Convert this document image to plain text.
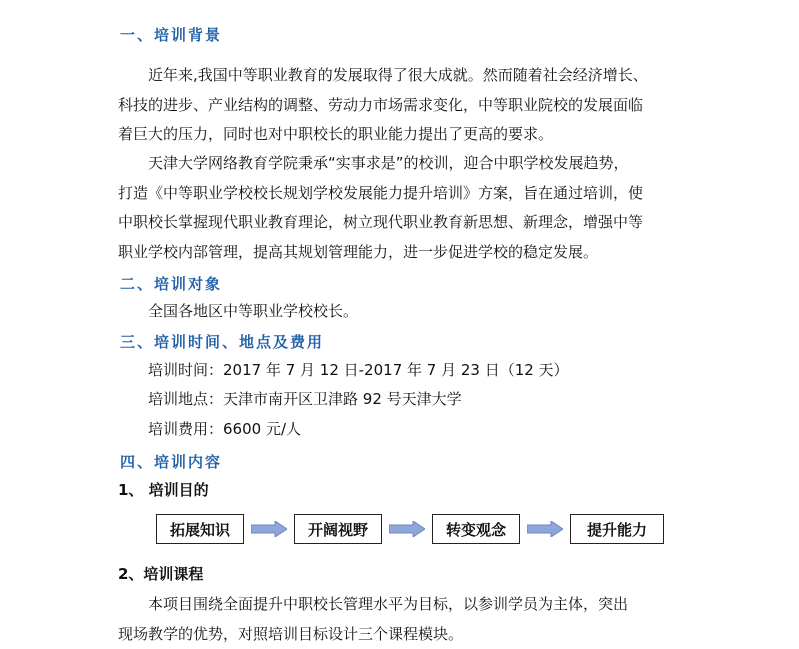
一、培训背景
近年来,我国中等职业教育的发展取得了很大成就。然而随着社会经济增长、
科技的进步、产业结构的调整、劳动力市场需求变化，中等职业院校的发展面临
着巨大的压力，同时也对中职校长的职业能力提出了更高的要求。
天津大学网络教育学院秉承“实事求是”的校训，迎合中职学校发展趋势，
打造《中等职业学校校长规划学校发展能力提升培训》方案，旨在通过培训，使
中职校长掌握现代职业教育理论，树立现代职业教育新思想、新理念，增强中等
职业学校内部管理，提高其规划管理能力，进一步促进学校的稳定发展。
二、培训对象
全国各地区中等职业学校校长。
三、培训时间、地点及费用
培训时间：2017 年 7 月 12 日-2017 年 7 月 23 日（12 天）
培训地点：天津市南开区卫津路 92 号天津大学
培训费用：6600 元/人
四、培训内容
1、 培训目的
拓展知识	开阔视野	转变观念	提升能力
2、培训课程
本项目围绕全面提升中职校长管理水平为目标，以参训学员为主体，突出
现场教学的优势，对照培训目标设计三个课程模块。
